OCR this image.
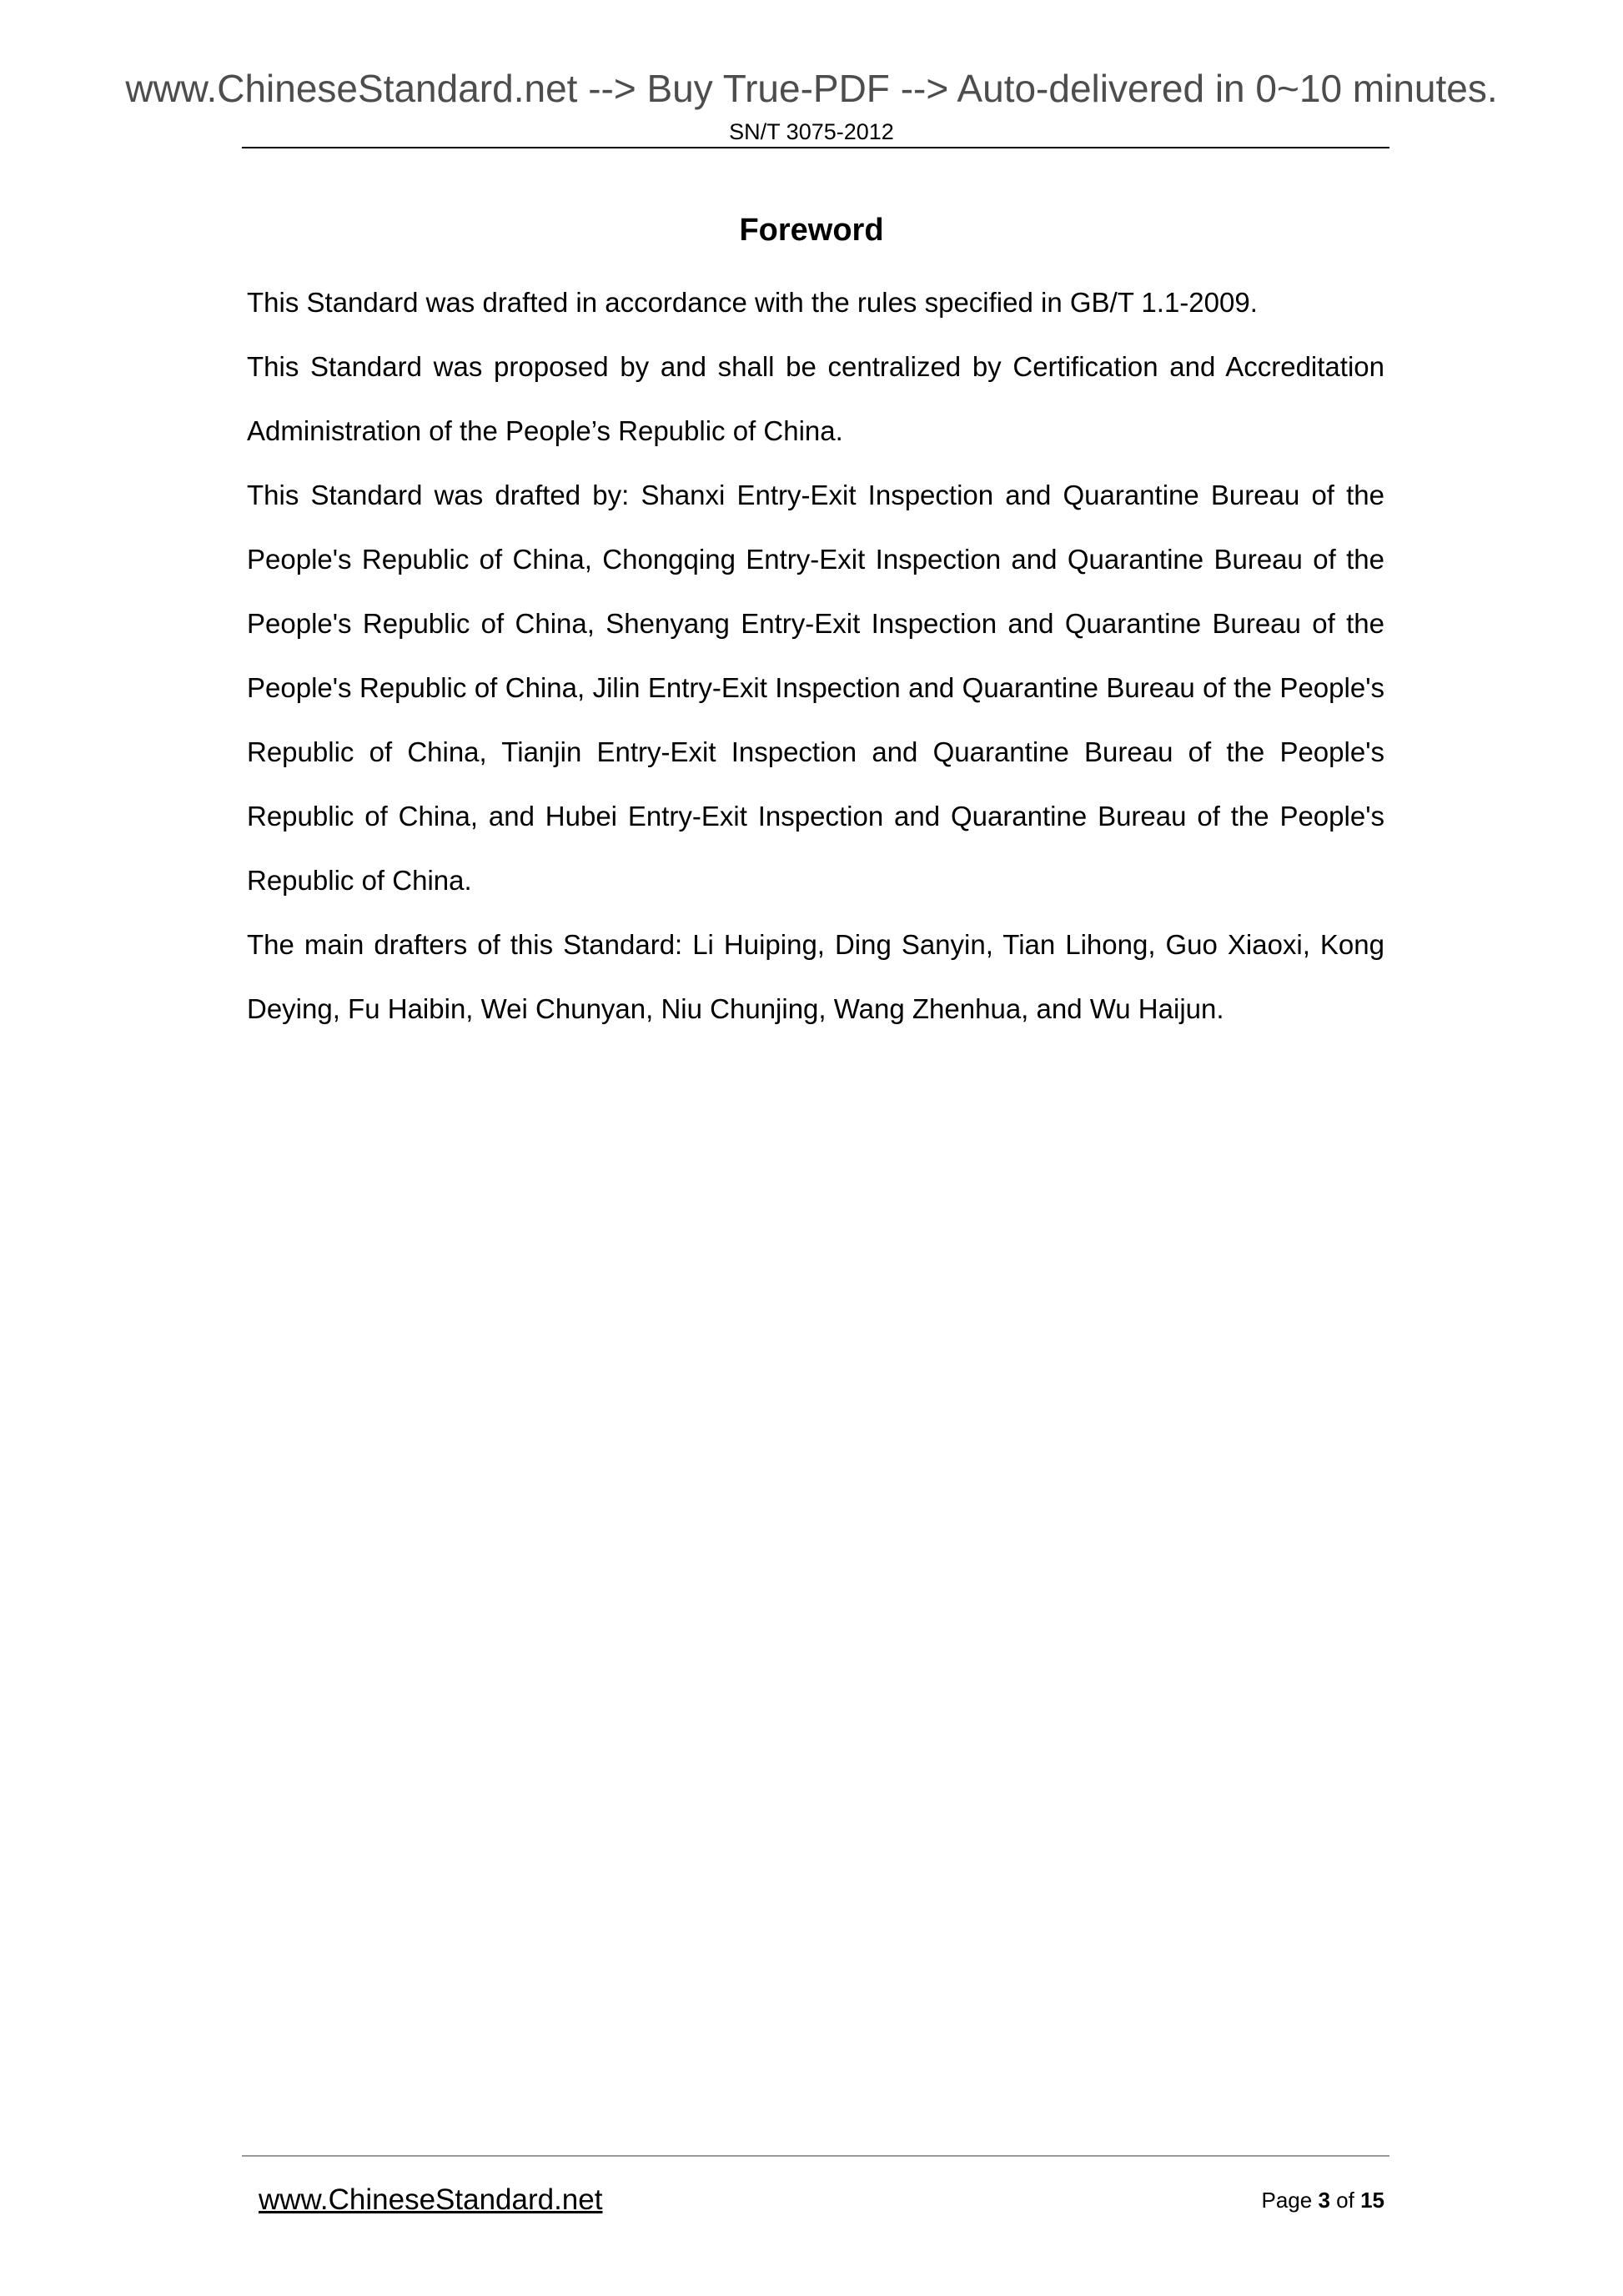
www.ChineseStandard.net --> Buy True-PDF --> Auto-delivered in 0~10 minutes.
SN/T 3075-2012
Foreword

This Standard was drafted in accordance with the rules specified in GB/T 1.1-2009.

This Standard was proposed by and shall be centralized by Certification and Accreditation Administration of the People’s Republic of China.

This Standard was drafted by: Shanxi Entry-Exit Inspection and Quarantine Bureau of the People's Republic of China, Chongqing Entry-Exit Inspection and Quarantine Bureau of the People's Republic of China, Shenyang Entry-Exit Inspection and Quarantine Bureau of the People's Republic of China, Jilin Entry-Exit Inspection and Quarantine Bureau of the People's Republic of China, Tianjin Entry-Exit Inspection and Quarantine Bureau of the People's Republic of China, and Hubei Entry-Exit Inspection and Quarantine Bureau of the People's Republic of China.

The main drafters of this Standard: Li Huiping, Ding Sanyin, Tian Lihong, Guo Xiaoxi, Kong Deying, Fu Haibin, Wei Chunyan, Niu Chunjing, Wang Zhenhua, and Wu Haijun.

www.ChineseStandard.net	Page 3 of 15
